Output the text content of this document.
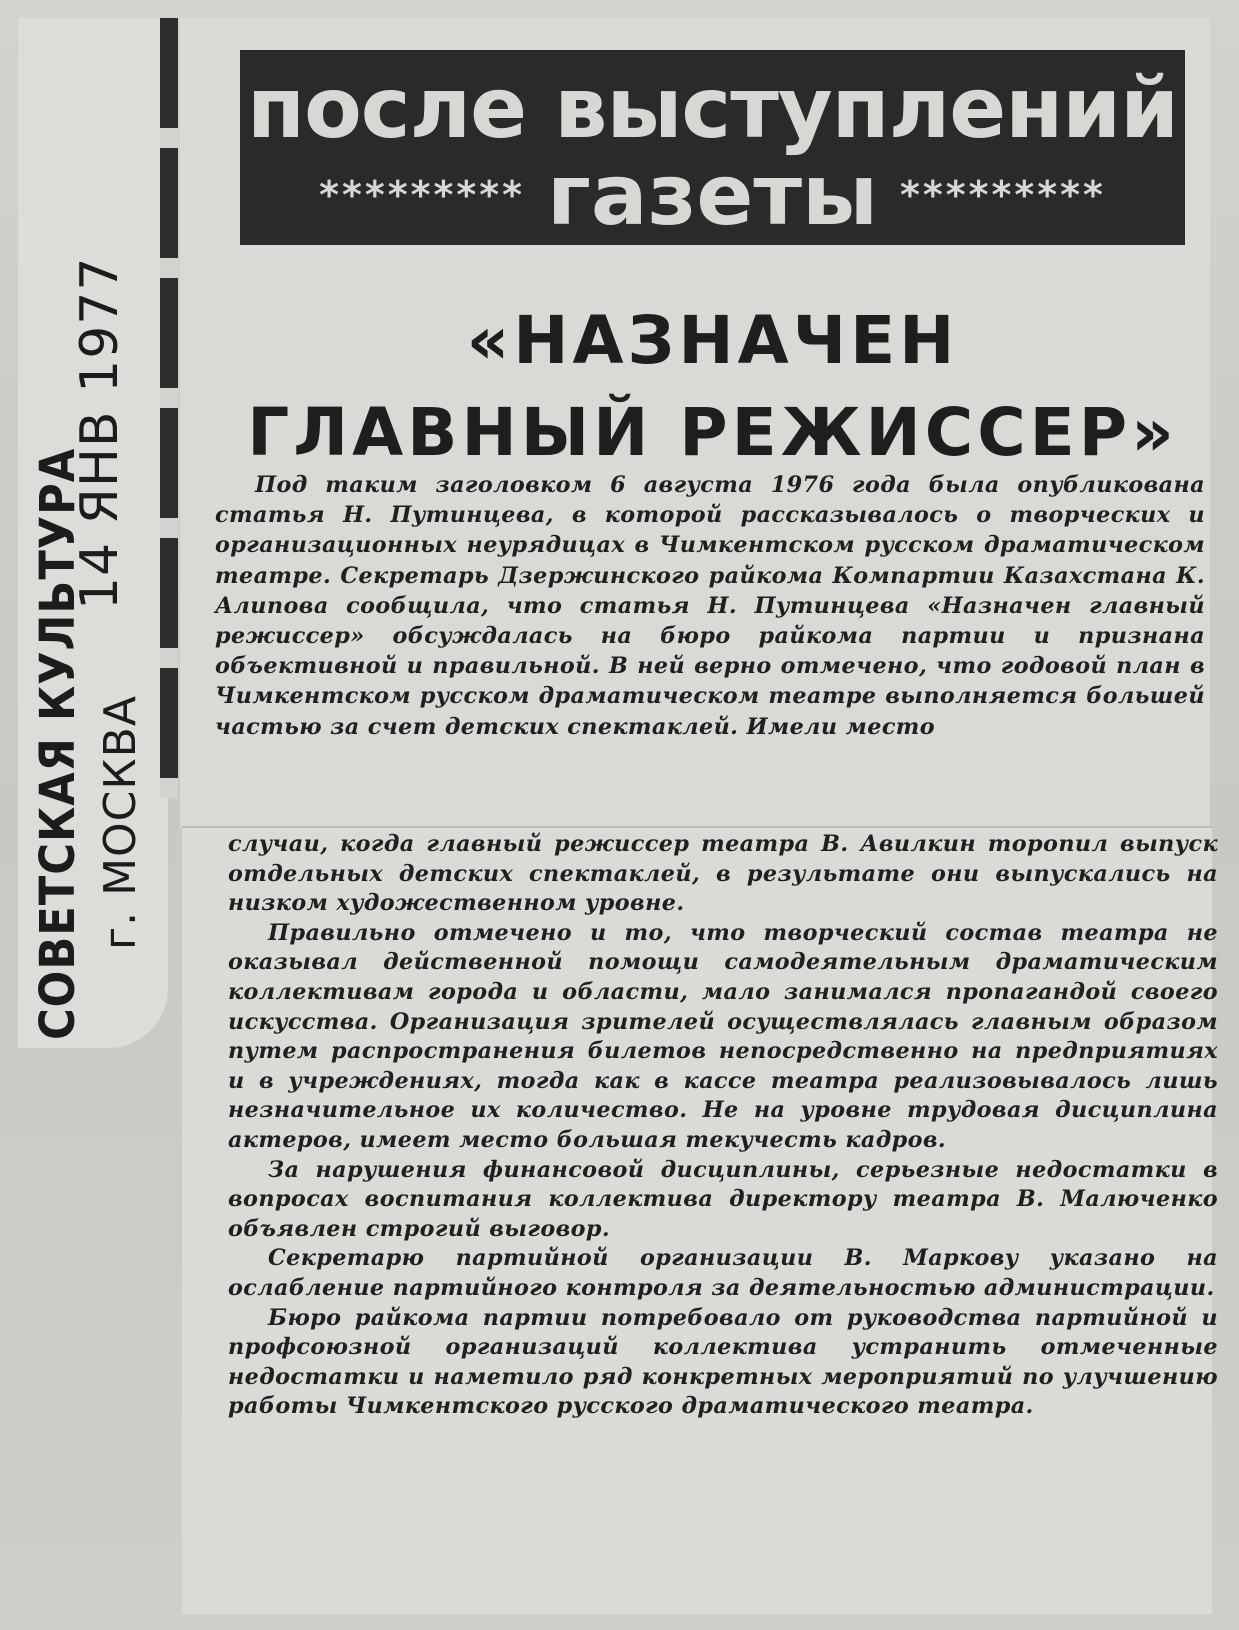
СОВЕТСКАЯ КУЛЬТУРА
14 ЯНВ 1977
г. МОСКВА
после выступлений
********* газеты *********
«НАЗНАЧЕН
ГЛАВНЫЙ РЕЖИССЕР»

Под таким заголовком 6 августа 1976 года была опубликована статья Н. Путинцева, в которой рассказывалось о творческих и организационных неурядицах в Чимкентском русском драматическом театре. Секретарь Дзержинского райкома Компартии Казахстана К. Алипова сообщила, что статья Н. Путинцева «Назначен главный режиссер» обсуждалась на бюро райкома партии и признана объективной и правильной. В ней верно отмечено, что годовой план в Чимкентском русском драматическом театре выполняется большей частью за счет детских спектаклей. Имели место

случаи, когда главный режиссер театра В. Авилкин торопил выпуск отдельных детских спектаклей, в результате они выпускались на низком художественном уровне.

Правильно отмечено и то, что творческий состав театра не оказывал действенной помощи самодеятельным драматическим коллективам города и области, мало занимался пропагандой своего искусства. Организация зрителей осуществлялась главным образом путем распространения билетов непосредственно на предприятиях и в учреждениях, тогда как в кассе театра реализовывалось лишь незначительное их количество. Не на уровне трудовая дисциплина актеров, имеет место большая текучесть кадров.

За нарушения финансовой дисциплины, серьезные недостатки в вопросах воспитания коллектива директору театра В. Малюченко объявлен строгий выговор.

Секретарю партийной организации В. Маркову указано на ослабление партийного контроля за деятельностью администрации.

Бюро райкома партии потребовало от руководства партийной и профсоюзной организаций коллектива устранить отмеченные недостатки и наметило ряд конкретных мероприятий по улучшению работы Чимкентского русского драматического театра.
